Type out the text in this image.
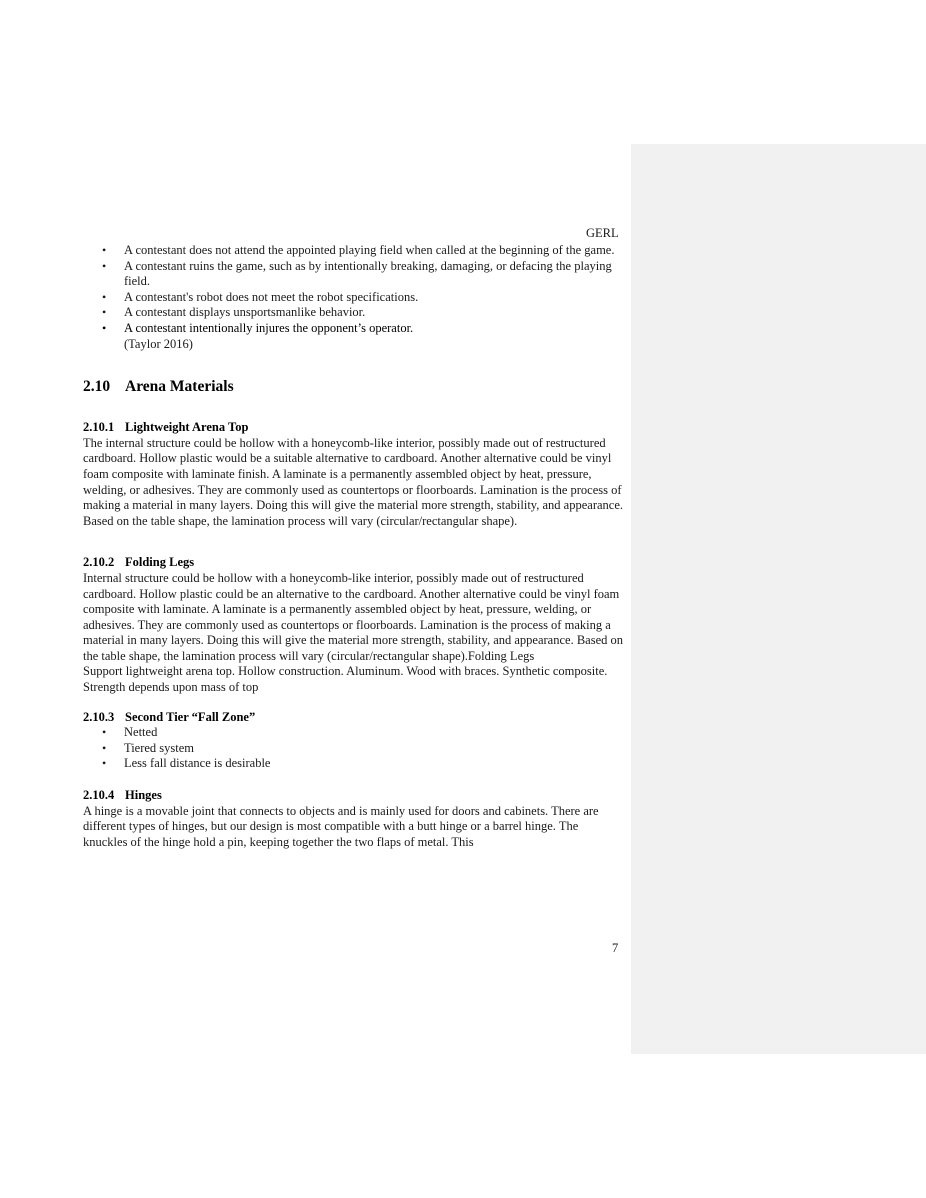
GERL
• A contestant does not attend the appointed playing field when called at the beginning of the game.
• A contestant ruins the game, such as by intentionally breaking, damaging, or defacing the playing field.
• A contestant's robot does not meet the robot specifications.
• A contestant displays unsportsmanlike behavior.
• A contestant intentionally injures the opponent’s operator.
(Taylor 2016)
2.10 Arena Materials
2.10.1 Lightweight Arena Top

The internal structure could be hollow with a honeycomb-like interior, possibly made out of restructured cardboard. Hollow plastic would be a suitable alternative to cardboard. Another alternative could be vinyl foam composite with laminate finish. A laminate is a permanently assembled object by heat, pressure, welding, or adhesives. They are commonly used as countertops or floorboards. Lamination is the process of making a material in many layers. Doing this will give the material more strength, stability, and appearance. Based on the table shape, the lamination process will vary (circular/rectangular shape).

2.10.2 Folding Legs

Internal structure could be hollow with a honeycomb-like interior, possibly made out of restructured cardboard. Hollow plastic could be an alternative to the cardboard. Another alternative could be vinyl foam composite with laminate. A laminate is a permanently assembled object by heat, pressure, welding, or adhesives. They are commonly used as countertops or floorboards. Lamination is the process of making a material in many layers. Doing this will give the material more strength, stability, and appearance. Based on the table shape, the lamination process will vary (circular/rectangular shape).Folding Legs

Support lightweight arena top. Hollow construction. Aluminum. Wood with braces. Synthetic composite. Strength depends upon mass of top

2.10.3 Second Tier “Fall Zone”
• Netted
• Tiered system
• Less fall distance is desirable
2.10.4 Hinges

A hinge is a movable joint that connects to objects and is mainly used for doors and cabinets. There are different types of hinges, but our design is most compatible with a butt hinge or a barrel hinge. The knuckles of the hinge hold a pin, keeping together the two flaps of metal. This

7
